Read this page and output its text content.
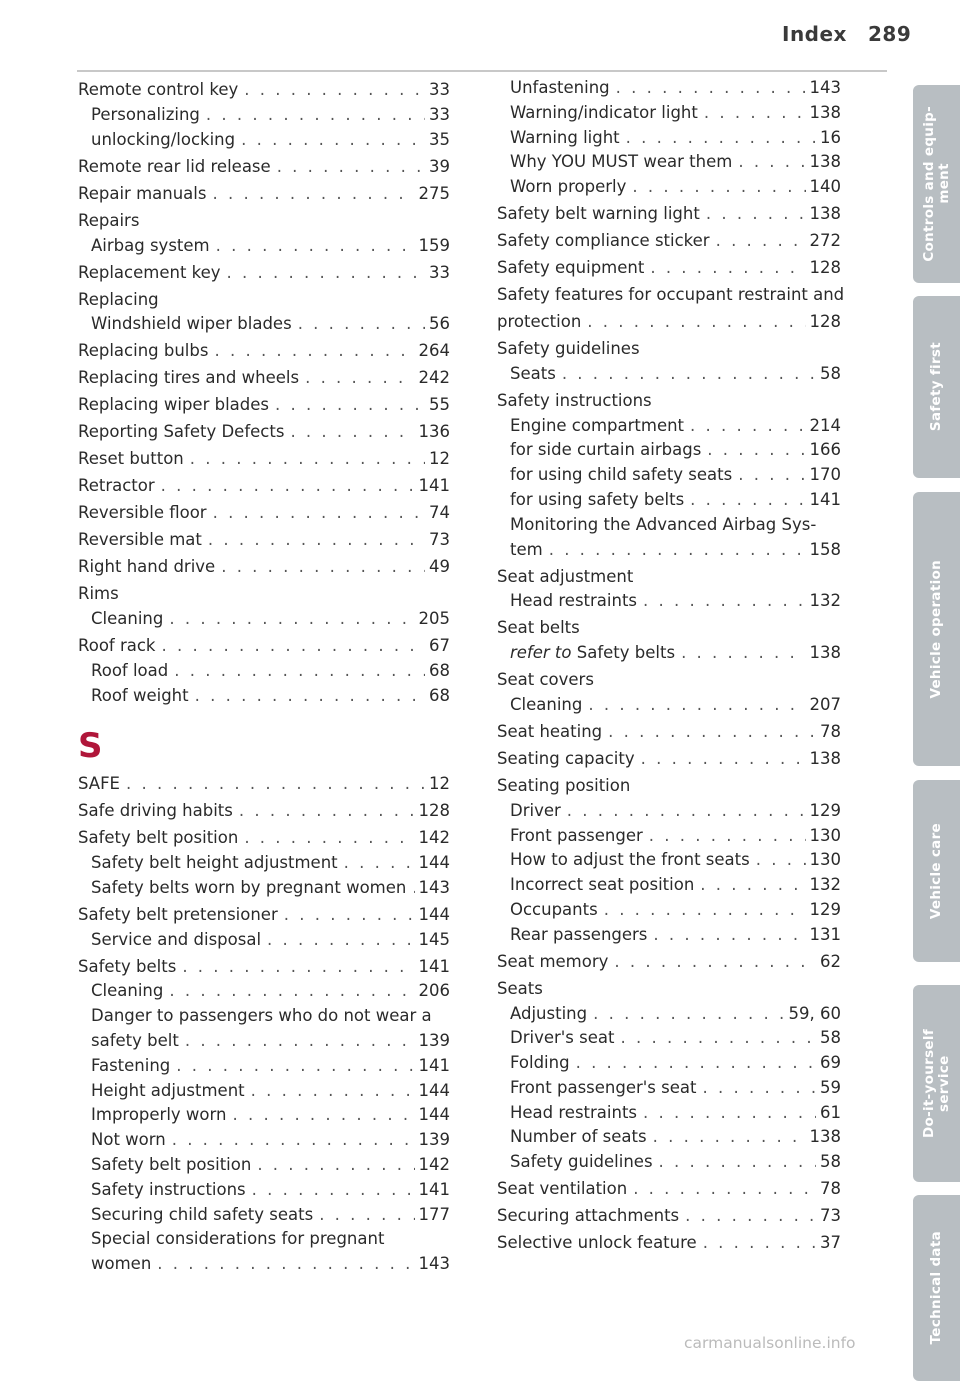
Index 289
Remote control key . . .	33
Personalizing . . .	33
unlocking/locking . . .	35
Remote rear lid release . . .	39
Repair manuals . . .	275
Repairs
Airbag system . . .	159
Replacement key . . .	33
Replacing
Windshield wiper blades . . .	56
Replacing bulbs . . .	264
Replacing tires and wheels . . .	242
Replacing wiper blades . . .	55
Reporting Safety Defects . . .	136
Reset button . . .	12
Retractor . . .	141
Reversible floor . . .	74
Reversible mat . . .	73
Right hand drive . . .	49
Rims
Cleaning . . .	205
Roof rack . . .	67
Roof load . . .	68
Roof weight . . .	68
S
SAFE . . .	12
Safe driving habits . . .	128
Safety belt position . . .	142
Safety belt height adjustment . . .	144
Safety belts worn by pregnant women . . . 143
Safety belt pretensioner . . .	144
Service and disposal . . .	145
Safety belts . . .	141
Cleaning . . .	206
Danger to passengers who do not wear a
safety belt . . .	139
Fastening . . .	141
Height adjustment . . .	144
Improperly worn . . .	144
Not worn . . .	139
Safety belt position . . .	142
Safety instructions . . .	141
Securing child safety seats . . .	177
Special considerations for pregnant
women . . .	143
Unfastening . . .	143
Warning/indicator light . . .	138
Warning light . . .	16
Why YOU MUST wear them . . .	138
Worn properly . . .	140
Safety belt warning light . . .	138
Safety compliance sticker . . .	272
Safety equipment . . .	128
Safety features for occupant restraint and
protection . . .	128
Safety guidelines
Seats . . .	58
Safety instructions
Engine compartment . . .	214
for side curtain airbags . . .	166
for using child safety seats . . .	170
for using safety belts . . .	141
Monitoring the Advanced Airbag Sys-
tem . . .	158
Seat adjustment
Head restraints . . .	132
Seat belts
refer to Safety belts . . .	138
Seat covers
Cleaning . . .	207
Seat heating . . .	78
Seating capacity . . .	138
Seating position
Driver . . .	129
Front passenger . . .	130
How to adjust the front seats . . .	130
Incorrect seat position . . .	132
Occupants . . .	129
Rear passengers . . .	131
Seat memory . . .	62
Seats
Adjusting . . .	59, 60
Driver's seat . . .	58
Folding . . .	69
Front passenger's seat . . .	59
Head restraints . . .	61
Number of seats . . .	138
Safety guidelines . . .	58
Seat ventilation . . .	78
Securing attachments . . .	73
Selective unlock feature . . .	37
Controls and equip-
ment
Safety first
Vehicle operation
Vehicle care
Do-it-yourself
service
Technical data
carmanualsonline.info
